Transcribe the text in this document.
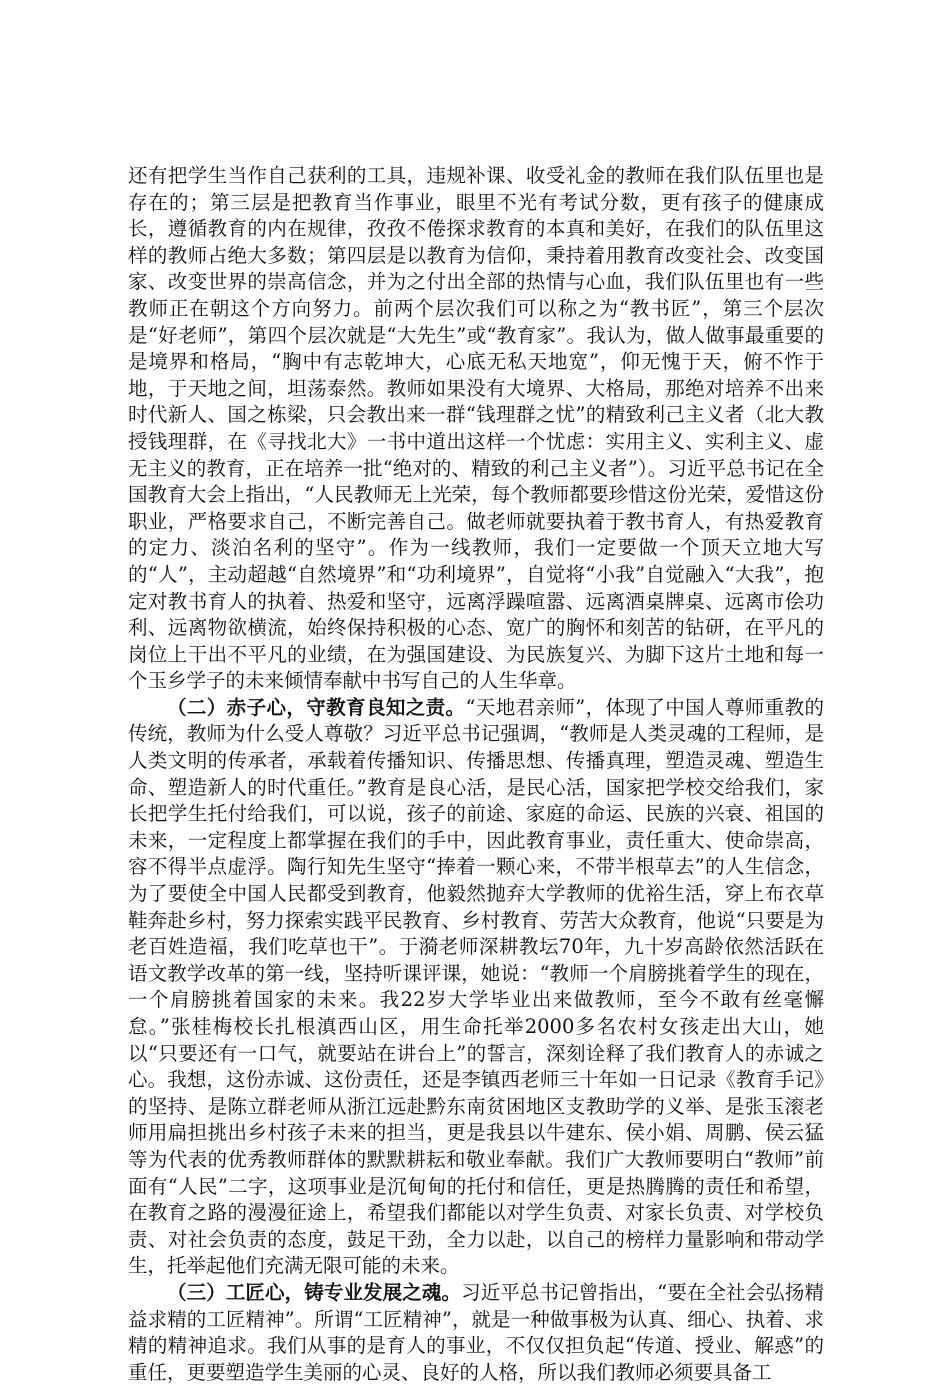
还有把学生当作自己获利的工具，违规补课、收受礼金的教师在我们队伍里也是存在的；第三层是把教育当作事业，眼里不光有考试分数，更有孩子的健康成长，遵循教育的内在规律，孜孜不倦探求教育的本真和美好，在我们的队伍里这样的教师占绝大多数；第四层是以教育为信仰，秉持着用教育改变社会、改变国家、改变世界的崇高信念，并为之付出全部的热情与心血，我们队伍里也有一些教师正在朝这个方向努力。前两个层次我们可以称之为“教书匠”，第三个层次是“好老师”，第四个层次就是“大先生”或“教育家”。我认为，做人做事最重要的是境界和格局，“胸中有志乾坤大，心底无私天地宽”，仰无愧于天，俯不怍于地，于天地之间，坦荡泰然。教师如果没有大境界、大格局，那绝对培养不出来时代新人、国之栋梁，只会教出来一群“钱理群之忧”的精致利己主义者（北大教授钱理群，在《寻找北大》一书中道出这样一个忧虑：实用主义、实利主义、虚无主义的教育，正在培养一批“绝对的、精致的利己主义者”）。习近平总书记在全国教育大会上指出，“人民教师无上光荣，每个教师都要珍惜这份光荣，爱惜这份职业，严格要求自己，不断完善自己。做老师就要执着于教书育人，有热爱教育的定力、淡泊名利的坚守”。作为一线教师，我们一定要做一个顶天立地大写的“人”，主动超越“自然境界”和“功利境界”，自觉将“小我”自觉融入“大我”，抱定对教书育人的执着、热爱和坚守，远离浮躁喧嚣、远离酒桌牌桌、远离市侩功利、远离物欲横流，始终保持积极的心态、宽广的胸怀和刻苦的钻研，在平凡的岗位上干出不平凡的业绩，在为强国建设、为民族复兴、为脚下这片土地和每一个玉乡学子的未来倾情奉献中书写自己的人生华章。

（二）赤子心，守教育良知之责。“天地君亲师”，体现了中国人尊师重教的传统，教师为什么受人尊敬？习近平总书记强调，“教师是人类灵魂的工程师，是人类文明的传承者，承载着传播知识、传播思想、传播真理，塑造灵魂、塑造生命、塑造新人的时代重任。”教育是良心活，是民心活，国家把学校交给我们，家长把学生托付给我们，可以说，孩子的前途、家庭的命运、民族的兴衰、祖国的未来，一定程度上都掌握在我们的手中，因此教育事业，责任重大、使命崇高，容不得半点虚浮。陶行知先生坚守“捧着一颗心来，不带半根草去”的人生信念，为了要使全中国人民都受到教育，他毅然抛弃大学教师的优裕生活，穿上布衣草鞋奔赴乡村，努力探索实践平民教育、乡村教育、劳苦大众教育，他说“只要是为老百姓造福，我们吃草也干”。于漪老师深耕教坛70年，九十岁高龄依然活跃在语文教学改革的第一线，坚持听课评课，她说：“教师一个肩膀挑着学生的现在，一个肩膀挑着国家的未来。我22岁大学毕业出来做教师，至今不敢有丝毫懈怠。”张桂梅校长扎根滇西山区，用生命托举2000多名农村女孩走出大山，她以“只要还有一口气，就要站在讲台上”的誓言，深刻诠释了我们教育人的赤诚之心。我想，这份赤诚、这份责任，还是李镇西老师三十年如一日记录《教育手记》的坚持、是陈立群老师从浙江远赴黔东南贫困地区支教助学的义举、是张玉滚老师用扁担挑出乡村孩子未来的担当，更是我县以牛建东、侯小娟、周鹏、侯云猛等为代表的优秀教师群体的默默耕耘和敬业奉献。我们广大教师要明白“教师”前面有“人民”二字，这项事业是沉甸甸的托付和信任，更是热腾腾的责任和希望，在教育之路的漫漫征途上，希望我们都能以对学生负责、对家长负责、对学校负责、对社会负责的态度，鼓足干劲，全力以赴，以自己的榜样力量影响和带动学生，托举起他们充满无限可能的未来。

（三）工匠心，铸专业发展之魂。习近平总书记曾指出，“要在全社会弘扬精益求精的工匠精神”。所谓“工匠精神”，就是一种做事极为认真、细心、执着、求精的精神追求。我们从事的是育人的事业，不仅仅担负起“传道、授业、解惑”的重任，更要塑造学生美丽的心灵、良好的人格，所以我们教师必须要具备工
